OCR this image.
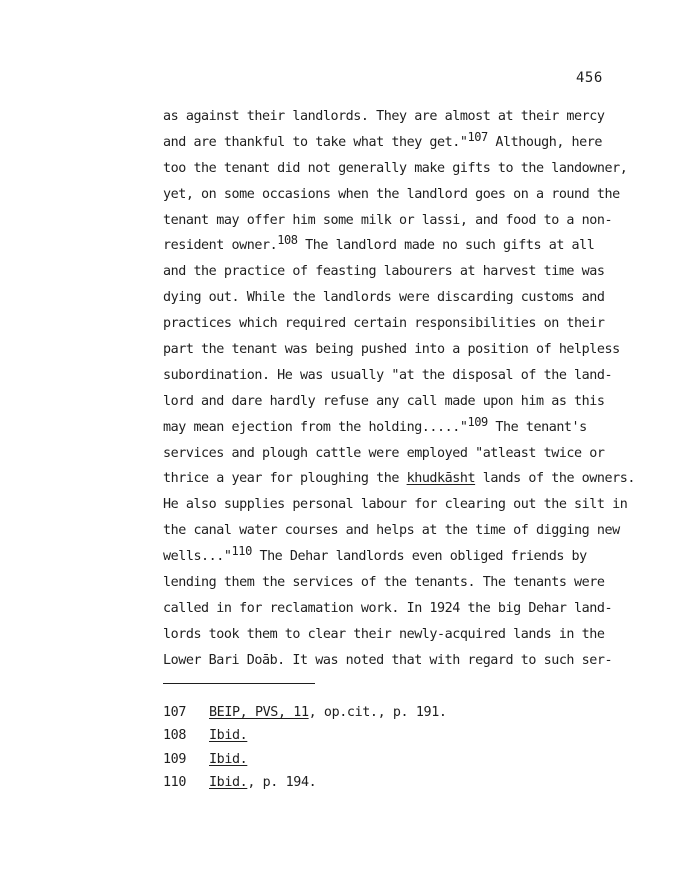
456
as against their landlords. They are almost at their mercy
and are thankful to take what they get."$^{107}$ Although, here
too the tenant did not generally make gifts to the landowner,
yet, on some occasions when the landlord goes on a round the
tenant may offer him some milk or lassi, and food to a non-
resident owner.$^{108}$ The landlord made no such gifts at all
and the practice of feasting labourers at harvest time was
dying out. While the landlords were discarding customs and
practices which required certain responsibilities on their
part the tenant was being pushed into a position of helpless
subordination. He was usually "at the disposal of the land-
lord and dare hardly refuse any call made upon him as this
may mean ejection from the holding....."$^{109}$ The tenant's
services and plough cattle were employed "atleast twice or
thrice a year for ploughing the khudkāsht lands of the owners.
He also supplies personal labour for clearing out the silt in
the canal water courses and helps at the time of digging new
wells..."$^{110}$ The Dehar landlords even obliged friends by
lending them the services of the tenants. The tenants were
called in for reclamation work. In 1924 the big Dehar land-
lords took them to clear their newly-acquired lands in the
Lower Bari Doāb. It was noted that with regard to such ser-
107 BEIP, PVS, 11, op.cit., p. 191.
108 Ibid.
109 Ibid.
110 Ibid., p. 194.
